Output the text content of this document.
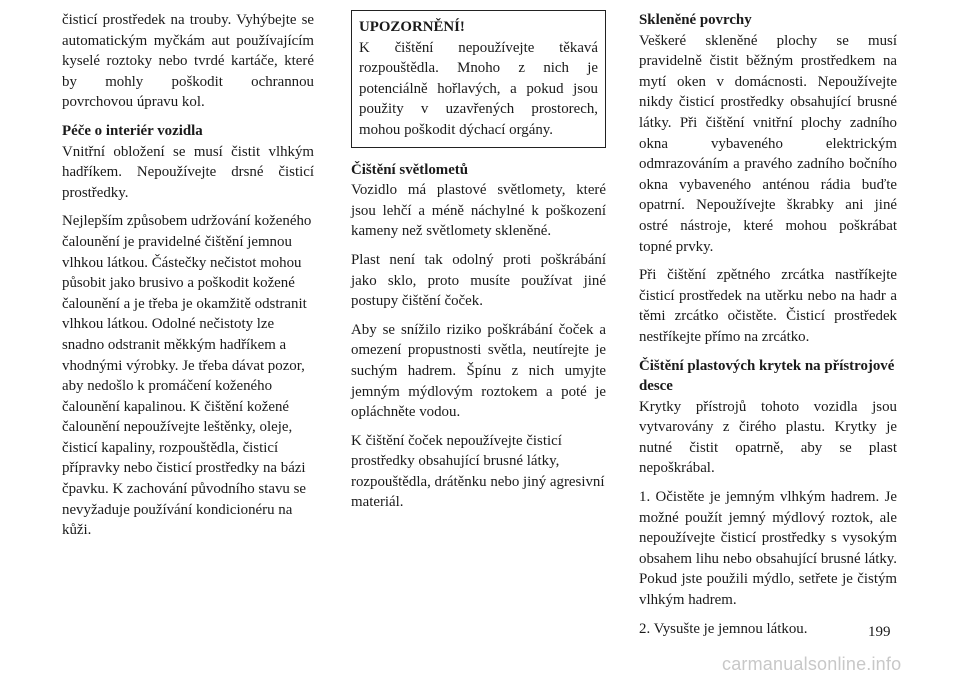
čisticí prostředek na trouby. Vyhýbejte se automatickým myčkám aut používajícím kyselé roztoky nebo tvrdé kartáče, které by mohly poškodit ochrannou povrchovou úpravu kol.

Péče o interiér vozidla

Vnitřní obložení se musí čistit vlhkým hadříkem. Nepoužívejte drsné čisticí prostředky.

Nejlepším způsobem udržování koženého čalounění je pravidelné čištění jemnou vlhkou látkou. Částečky nečistot mohou působit jako brusivo a poškodit kožené čalounění a je třeba je okamžitě odstranit vlhkou látkou. Odolné nečistoty lze snadno odstranit měkkým hadříkem a vhodnými výrobky. Je třeba dávat pozor, aby nedošlo k promáčení koženého čalounění kapalinou. K čištění kožené čalounění nepoužívejte leštěnky, oleje, čisticí kapaliny, rozpouštědla, čisticí přípravky nebo čisticí prostředky na bázi čpavku. K zachování původního stavu se nevyžaduje používání kondicionéru na kůži.

UPOZORNĚNÍ!

K čištění nepoužívejte těkavá rozpouštědla. Mnoho z nich je potenciálně hořlavých, a pokud jsou použity v uzavřených prostorech, mohou poškodit dýchací orgány.

Čištění světlometů

Vozidlo má plastové světlomety, které jsou lehčí a méně náchylné k poškození kameny než světlomety skleněné.

Plast není tak odolný proti poškrábání jako sklo, proto musíte používat jiné postupy čištění čoček.

Aby se snížilo riziko poškrábání čoček a omezení propustnosti světla, neutírejte je suchým hadrem. Špínu z nich umyjte jemným mýdlovým roztokem a poté je opláchněte vodou.

K čištění čoček nepoužívejte čisticí prostředky obsahující brusné látky, rozpouštědla, drátěnku nebo jiný agresivní materiál.

Skleněné povrchy

Veškeré skleněné plochy se musí pravidelně čistit běžným prostředkem na mytí oken v domácnosti. Nepoužívejte nikdy čisticí prostředky obsahující brusné látky. Při čištění vnitřní plochy zadního okna vybaveného elektrickým odmrazováním a pravého zadního bočního okna vybaveného anténou rádia buďte opatrní. Nepoužívejte škrabky ani jiné ostré nástroje, které mohou poškrábat topné prvky.

Při čištění zpětného zrcátka nastříkejte čisticí prostředek na utěrku nebo na hadr a těmi zrcátko očistěte. Čisticí prostředek nestříkejte přímo na zrcátko.

Čištění plastových krytek na přístrojové desce

Krytky přístrojů tohoto vozidla jsou vytvarovány z čirého plastu. Krytky je nutné čistit opatrně, aby se plast nepoškrábal.

1. Očistěte je jemným vlhkým hadrem. Je možné použít jemný mýdlový roztok, ale nepoužívejte čisticí prostředky s vysokým obsahem lihu nebo obsahující brusné látky. Pokud jste použili mýdlo, setřete je čistým vlhkým hadrem.

2. Vysušte je jemnou látkou.	199
carmanualsonline.info
